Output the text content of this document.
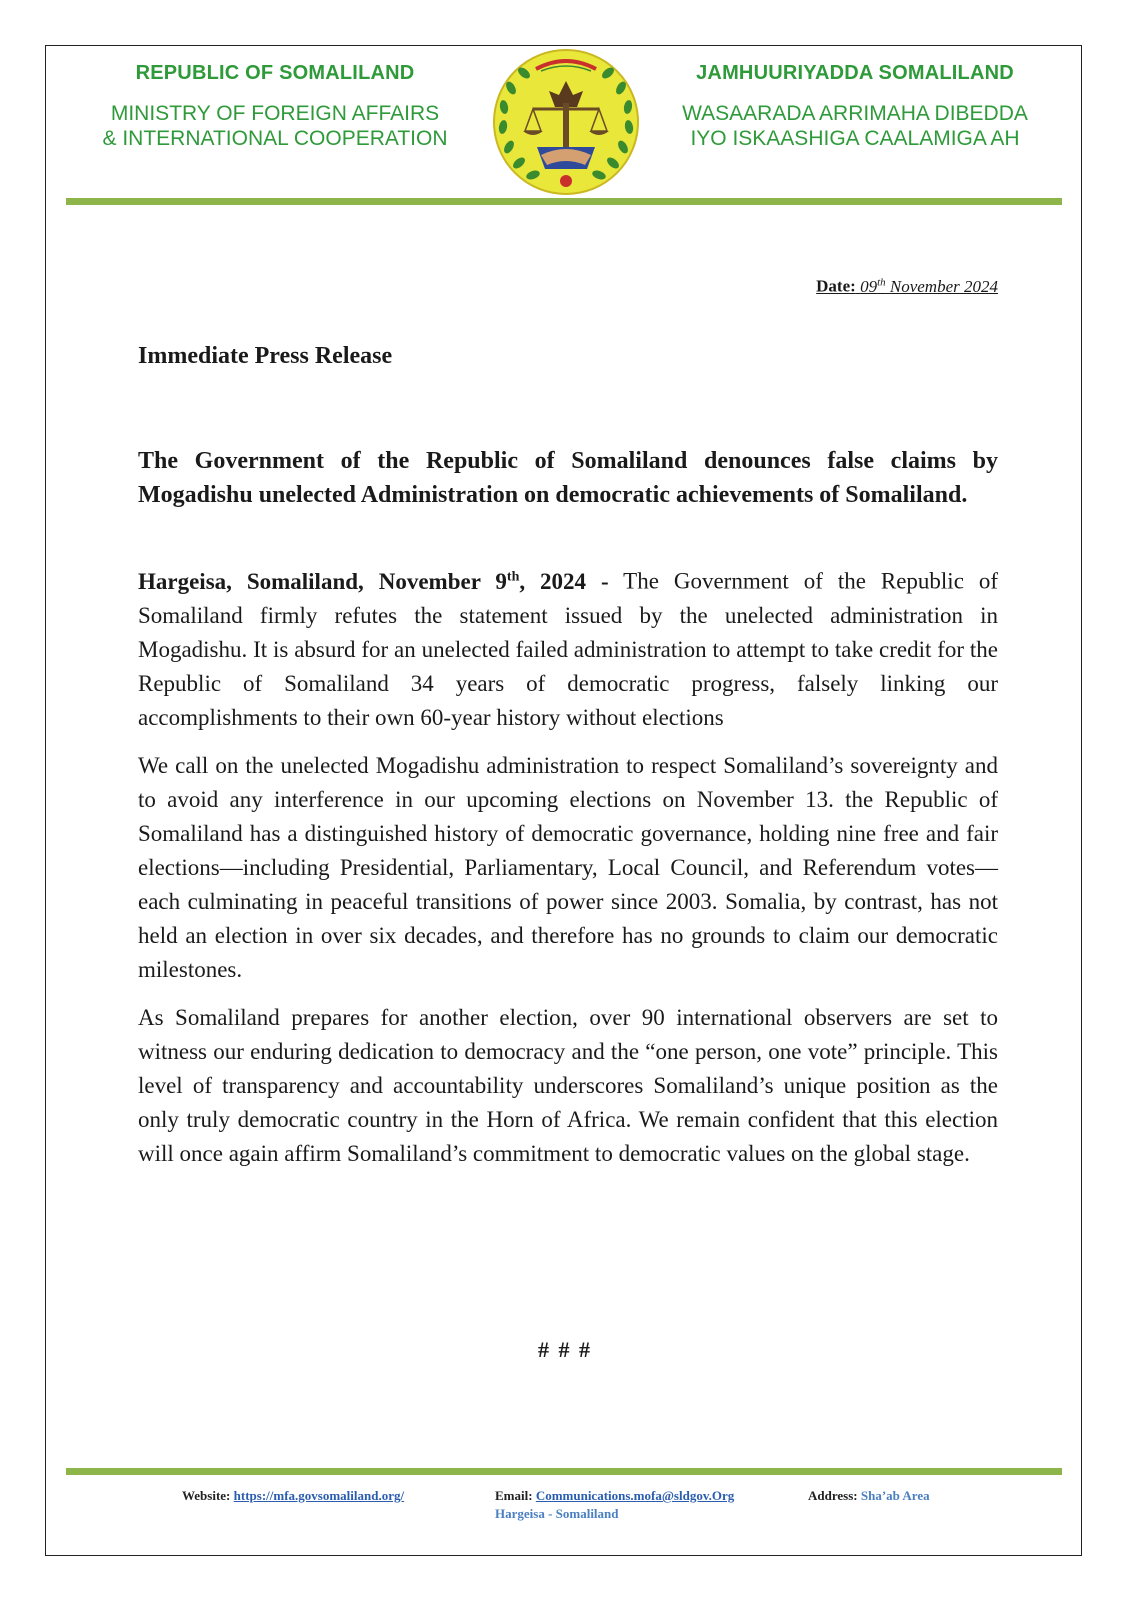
REPUBLIC OF SOMALILAND
MINISTRY OF FOREIGN AFFAIRS
& INTERNATIONAL COOPERATION
JAMHUURIYADDA SOMALILAND
WASAARADA ARRIMAHA DIBEDDA
IYO ISKAASHIGA CAALAMIGA AH
Date: 09th November 2024
Immediate Press Release
The Government of the Republic of Somaliland denounces false claims by Mogadishu unelected Administration on democratic achievements of Somaliland.

Hargeisa, Somaliland, November 9th, 2024 - The Government of the Republic of Somaliland firmly refutes the statement issued by the unelected administration in Mogadishu. It is absurd for an unelected failed administration to attempt to take credit for the Republic of Somaliland 34 years of democratic progress, falsely linking our accomplishments to their own 60-year history without elections

We call on the unelected Mogadishu administration to respect Somaliland’s sovereignty and to avoid any interference in our upcoming elections on November 13. the Republic of Somaliland has a distinguished history of democratic governance, holding nine free and fair elections—including Presidential, Parliamentary, Local Council, and Referendum votes—each culminating in peaceful transitions of power since 2003. Somalia, by contrast, has not held an election in over six decades, and therefore has no grounds to claim our democratic milestones.

As Somaliland prepares for another election, over 90 international observers are set to witness our enduring dedication to democracy and the “one person, one vote” principle. This level of transparency and accountability underscores Somaliland’s unique position as the only truly democratic country in the Horn of Africa. We remain confident that this election will once again affirm Somaliland’s commitment to democratic values on the global stage.

# # #
Website: https://mfa.govsomaliland.org/	Email: Communications.mofa@sldgov.Org
Hargeisa - Somaliland
Address: Sha’ab Area
